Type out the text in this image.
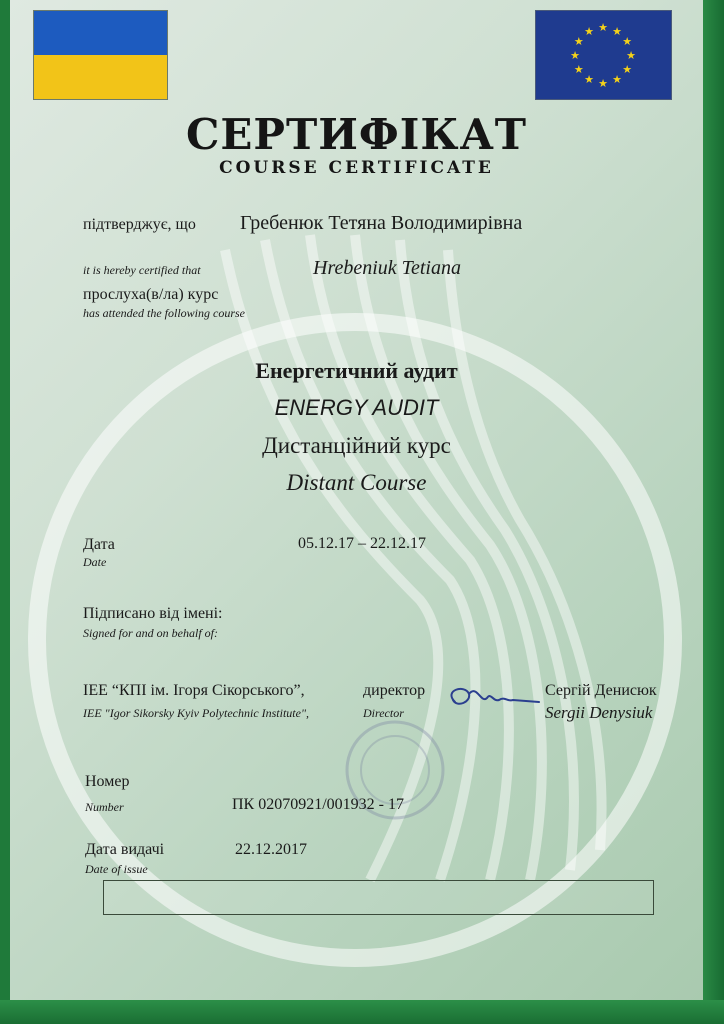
★ ★
★
★
★
★
★
★
★
★
★
★
СЕРТИФІКАТ
COURSE CERTIFICATE
підтверджує, що Гребенюк Тетяна Володимирівна
it is hereby certified that	Hrebeniuk Tetiana
прослуха(в/ла) курс
has attended the following course
Енергетичний аудит
ENERGY AUDIT
Дистанційний курс
Distant Course
Дата
Date
05.12.17 – 22.12.17
Підписано від імені:
Signed for and on behalf of:
IEE “КПІ ім. Ігоря Сікорського”,
IEE "Igor Sikorsky Kyiv Polytechnic Institute",
директор
Director
Сергій Денисюк
Sergii Denysiuk
Номер
Number	ПК 02070921/001932 - 17
Дата видачі
Date of issue
22.12.2017
